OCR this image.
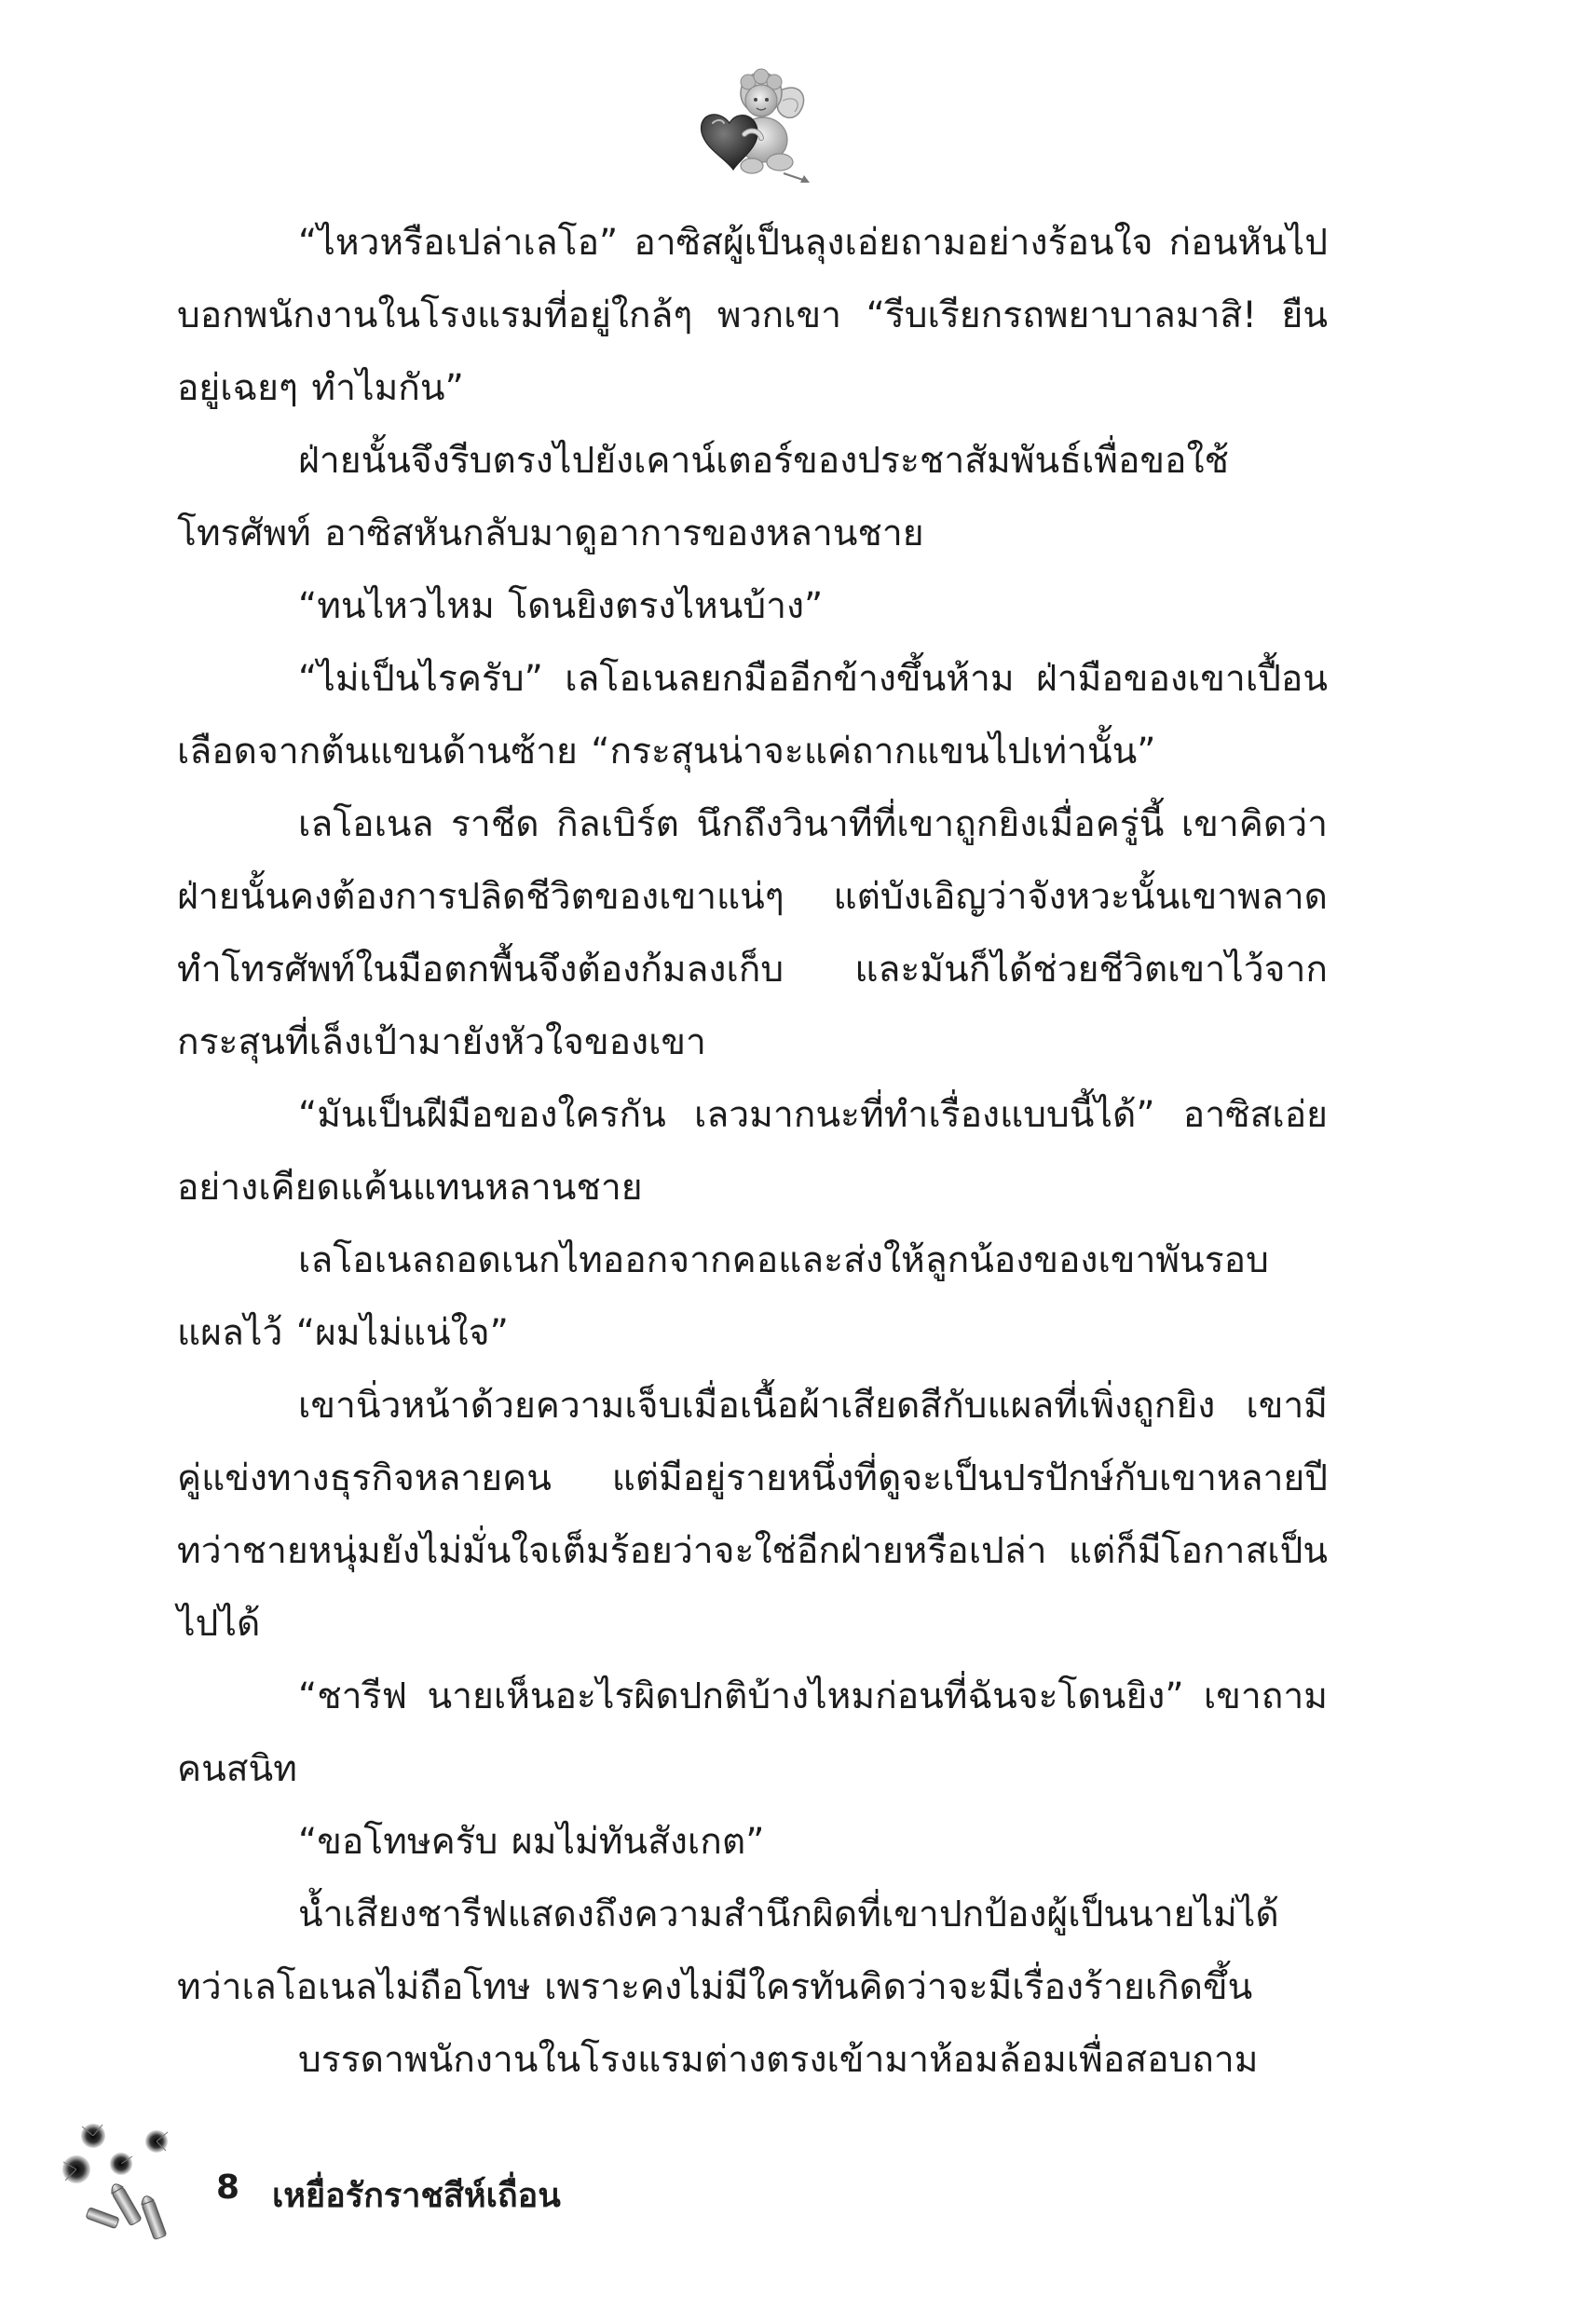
“ไหวหรือเปล่าเลโอ” อาซิสผู้เป็นลุงเอ่ยถามอย่างร้อนใจ ก่อนหันไปบอกพนักงานในโรงแรมที่อยู่ใกล้ๆ พวกเขา “รีบเรียกรถพยาบาลมาสิ! ยืนอยู่เฉยๆ ทำไมกัน”

ฝ่ายนั้นจึงรีบตรงไปยังเคาน์เตอร์ของประชาสัมพันธ์เพื่อขอใช้โทรศัพท์ อาซิสหันกลับมาดูอาการของหลานชาย

“ทนไหวไหม โดนยิงตรงไหนบ้าง”

“ไม่เป็นไรครับ” เลโอเนลยกมืออีกข้างขึ้นห้าม ฝ่ามือของเขาเปื้อนเลือดจากต้นแขนด้านซ้าย “กระสุนน่าจะแค่ถากแขนไปเท่านั้น”

เลโอเนล ราชีด กิลเบิร์ต นึกถึงวินาทีที่เขาถูกยิงเมื่อครู่นี้ เขาคิดว่าฝ่ายนั้นคงต้องการปลิดชีวิตของเขาแน่ๆ แต่บังเอิญว่าจังหวะนั้นเขาพลาดทำโทรศัพท์ในมือตกพื้นจึงต้องก้มลงเก็บ และมันก็ได้ช่วยชีวิตเขาไว้จากกระสุนที่เล็งเป้ามายังหัวใจของเขา

“มันเป็นฝีมือของใครกัน เลวมากนะที่ทำเรื่องแบบนี้ได้” อาซิสเอ่ยอย่างเคียดแค้นแทนหลานชาย

เลโอเนลถอดเนกไทออกจากคอและส่งให้ลูกน้องของเขาพันรอบแผลไว้ “ผมไม่แน่ใจ”

เขานิ่วหน้าด้วยความเจ็บเมื่อเนื้อผ้าเสียดสีกับแผลที่เพิ่งถูกยิง เขามีคู่แข่งทางธุรกิจหลายคน แต่มีอยู่รายหนึ่งที่ดูจะเป็นปรปักษ์กับเขาหลายปี ทว่าชายหนุ่มยังไม่มั่นใจเต็มร้อยว่าจะใช่อีกฝ่ายหรือเปล่า แต่ก็มีโอกาสเป็นไปได้

“ชารีฟ นายเห็นอะไรผิดปกติบ้างไหมก่อนที่ฉันจะโดนยิง” เขาถามคนสนิท

“ขอโทษครับ ผมไม่ทันสังเกต”

น้ำเสียงชารีฟแสดงถึงความสำนึกผิดที่เขาปกป้องผู้เป็นนายไม่ได้ ทว่าเลโอเนลไม่ถือโทษ เพราะคงไม่มีใครทันคิดว่าจะมีเรื่องร้ายเกิดขึ้น

บรรดาพนักงานในโรงแรมต่างตรงเข้ามาห้อมล้อมเพื่อสอบถาม

8 เหยื่อรักราชสีห์เถื่อน
